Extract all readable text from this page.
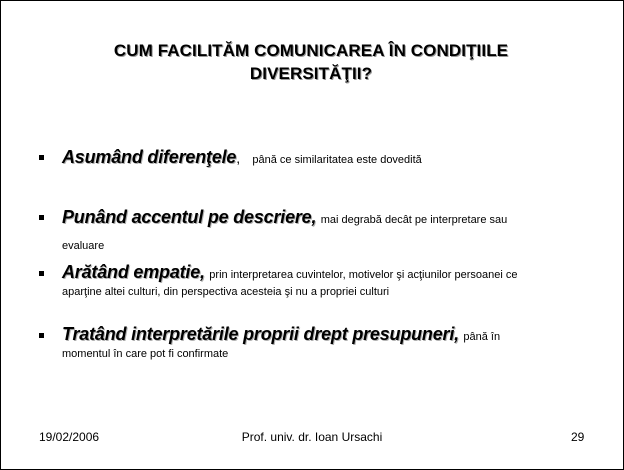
CUM FACILITĂM COMUNICAREA ÎN CONDIŢIILE
DIVERSITĂŢII?
Asumând diferenţele, până ce similaritatea este dovedită
Punând accentul pe descriere, mai degrabă decât pe interpretare sau
evaluare
Arătând empatie, prin interpretarea cuvintelor, motivelor şi acţiunilor persoanei ce
aparţine altei culturi, din perspectiva acesteia şi nu a propriei culturi
Tratând interpretările proprii drept presupuneri, până în
momentul în care pot fi confirmate
19/02/2006	Prof. univ. dr. Ioan Ursachi	29
